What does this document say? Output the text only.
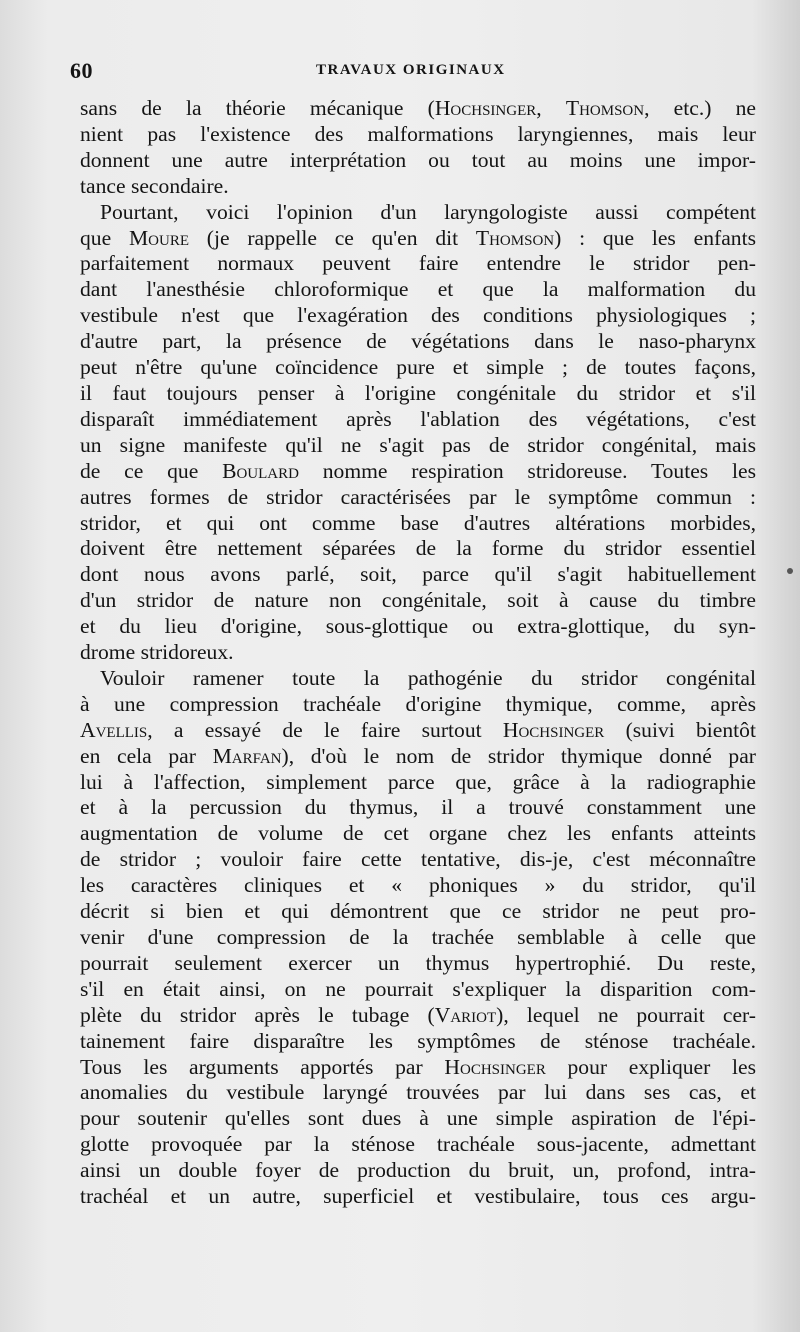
60	TRAVAUX ORIGINAUX
sans de la théorie mécanique (Hochsinger, Thomson, etc.) ne
nient pas l'existence des malformations laryngiennes, mais leur
donnent une autre interprétation ou tout au moins une impor-
tance secondaire.
Pourtant, voici l'opinion d'un laryngologiste aussi compétent
que Moure (je rappelle ce qu'en dit Thomson) : que les enfants
parfaitement normaux peuvent faire entendre le stridor pen-
dant l'anesthésie chloroformique et que la malformation du
vestibule n'est que l'exagération des conditions physiologiques ;
d'autre part, la présence de végétations dans le naso-pharynx
peut n'être qu'une coïncidence pure et simple ; de toutes façons,
il faut toujours penser à l'origine congénitale du stridor et s'il
disparaît immédiatement après l'ablation des végétations, c'est
un signe manifeste qu'il ne s'agit pas de stridor congénital, mais
de ce que Boulard nomme respiration stridoreuse. Toutes les
autres formes de stridor caractérisées par le symptôme commun :
stridor, et qui ont comme base d'autres altérations morbides,
doivent être nettement séparées de la forme du stridor essentiel
dont nous avons parlé, soit, parce qu'il s'agit habituellement
d'un stridor de nature non congénitale, soit à cause du timbre
et du lieu d'origine, sous-glottique ou extra-glottique, du syn-
drome stridoreux.
Vouloir ramener toute la pathogénie du stridor congénital
à une compression trachéale d'origine thymique, comme, après
Avellis, a essayé de le faire surtout Hochsinger (suivi bientôt
en cela par Marfan), d'où le nom de stridor thymique donné par
lui à l'affection, simplement parce que, grâce à la radiographie
et à la percussion du thymus, il a trouvé constamment une
augmentation de volume de cet organe chez les enfants atteints
de stridor ; vouloir faire cette tentative, dis-je, c'est méconnaître
les caractères cliniques et « phoniques » du stridor, qu'il
décrit si bien et qui démontrent que ce stridor ne peut pro-
venir d'une compression de la trachée semblable à celle que
pourrait seulement exercer un thymus hypertrophié. Du reste,
s'il en était ainsi, on ne pourrait s'expliquer la disparition com-
plète du stridor après le tubage (Variot), lequel ne pourrait cer-
tainement faire disparaître les symptômes de sténose trachéale.
Tous les arguments apportés par Hochsinger pour expliquer les
anomalies du vestibule laryngé trouvées par lui dans ses cas, et
pour soutenir qu'elles sont dues à une simple aspiration de l'épi-
glotte provoquée par la sténose trachéale sous-jacente, admettant
ainsi un double foyer de production du bruit, un, profond, intra-
trachéal et un autre, superficiel et vestibulaire, tous ces argu-
